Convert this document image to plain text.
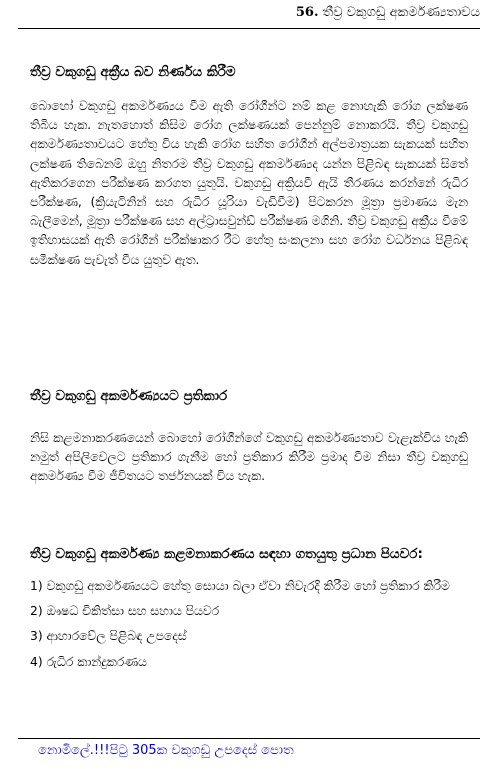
56. තීව්‍ර වකුගඩු අකර්මණ්‍යතාවය
තීව්‍ර වකුගඩු අක්‍රීය බව නිර්ණය කිරීම

බොහෝ වකුගඩු අකර්මණ්‍යය වීම ඇති රෝගීන්ට නම් කළ නොහැකි රෝග ලක්ෂණ තිබිය හැක. නැතහොත් කිසිම රෝග ලක්ෂණයක් පෙන්නුම් නොකරයි. තීව්‍ර වකුගඩු අකර්මණ්‍යතාවයට හේතු විය හැකි රෝග සහිත රෝගීන් අල්පමාත්‍රයක සැකයක් සහිත ලක්ෂණ තිබෙනම් ඔහු නිතරම තීව්‍ර වකුගඩු අකර්මණ්‍යද යන්න පිළිබඳ සැකයක් සිතේ ඇතිකරගෙන පරීක්ෂණ කරගත යුතුයි. වකුගඩු අක්‍රියවී ඇයි තීරණය කරන්නේ රුධිර පරීක්ෂණ, (ක්‍රියැටිනින් සහ රුධිර යූරියා වැඩිවීම) පිටකරන මූත්‍රා ප්‍රමාණය මැන බැලීමෙන්, මූත්‍රා පරීක්ෂණ සහ අල්ට්‍රාසවුන්ඩ් පරීක්ෂණ මගිනි. තීව්‍ර වකුගඩු අක්‍රීය වීමේ ඉතිහාසයක් ඇති රෝගීන් පරීක්ෂාකර රීට හේතු සංකලනා සහ රෝග වර්ධනය පිළිබඳ සමීක්ෂණ පැවැත් වීය යුතුව ඇත.

තීව්‍ර වකුගඩු අකර්මණ්‍යයට ප්‍රතිකාර

නිසි කළමනාකරණයෙන් බොහෝ රෝගීන්ගේ වකුගඩු අකර්මණ්‍යතාව වැළැක්විය හැකි නමුත් අපිලිවෙලට ප්‍රතිකාර ගැනීම හෝ ප්‍රතිකාර කිරීම ප්‍රමාද වීම නිසා තීව්‍ර වකුගඩු අකර්මණ්‍ය වීම ජීවිතයට තර්ජනයක් විය හැක.

තීව්‍ර වකුගඩු අකර්මණ්‍ය කළමනාකරණය සඳහා ගතයුතු ප්‍රධාන පියවර:
1) වකුගඩු අකර්මණ්‍යයට හේතු සොයා බලා ඒවා නිවැරදි කිරීම හෝ ප්‍රතිකාර කිරීම
2) ඖෂධ චිකිත්සා සහ සහාය පියවර
3) ආහාරවේල පිළිබඳ උපදෙස්
4) රුධිර කාන්දුකරණය
නොමිලේ.!!!පිටු 305ක වකුගඩු උපදෙස් පොත
